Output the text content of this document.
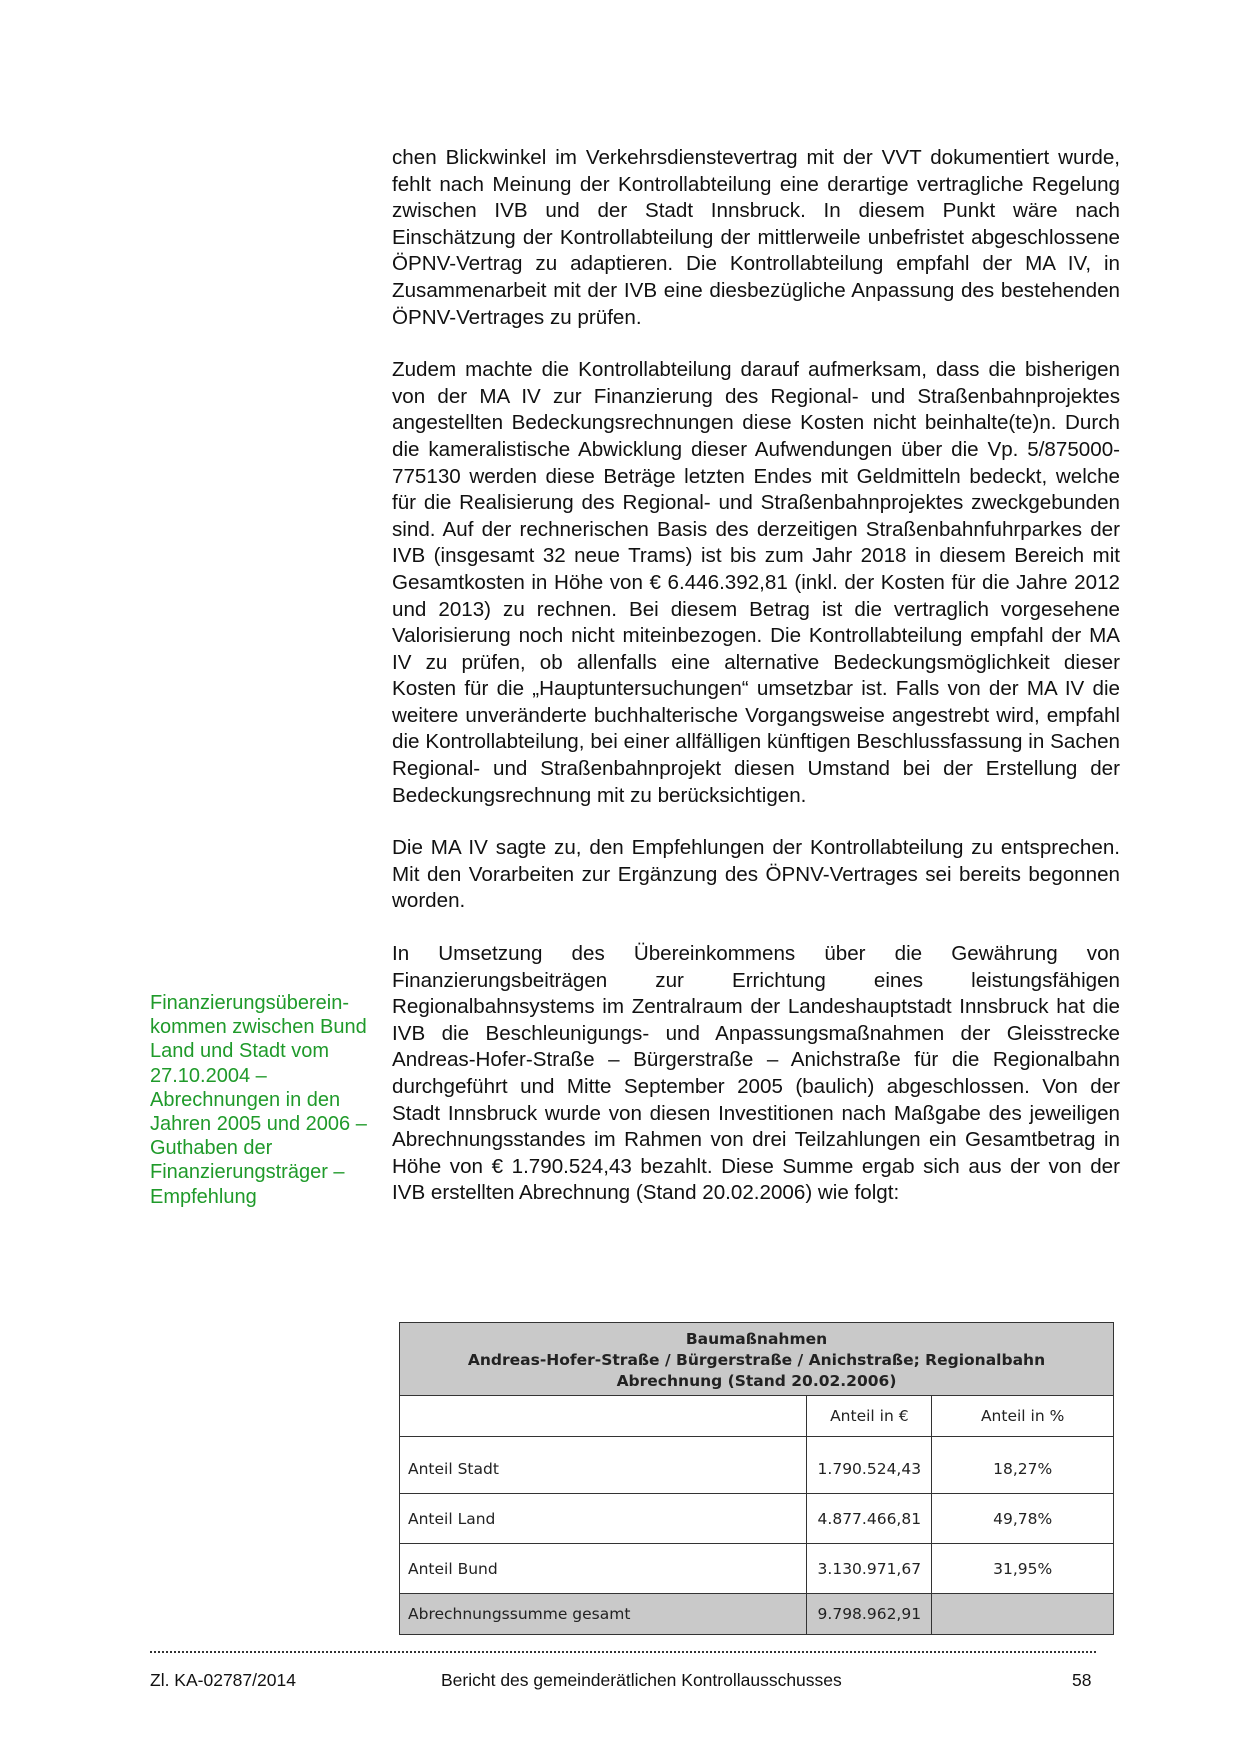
chen Blickwinkel im Verkehrsdienstevertrag mit der VVT dokumentiert wurde, fehlt nach Meinung der Kontrollabteilung eine derartige vertragliche Regelung zwischen IVB und der Stadt Innsbruck. In diesem Punkt wäre nach Einschätzung der Kontrollabteilung der mittlerweile unbefristet abgeschlossene ÖPNV-Vertrag zu adaptieren. Die Kontrollabteilung empfahl der MA IV, in Zusammenarbeit mit der IVB eine diesbezügliche Anpassung des bestehenden ÖPNV-Vertrages zu prüfen.

Zudem machte die Kontrollabteilung darauf aufmerksam, dass die bisherigen von der MA IV zur Finanzierung des Regional- und Straßenbahnprojektes angestellten Bedeckungsrechnungen diese Kosten nicht beinhalte(te)n. Durch die kameralistische Abwicklung dieser Aufwendungen über die Vp. 5/875000-775130 werden diese Beträge letzten Endes mit Geldmitteln bedeckt, welche für die Realisierung des Regional- und Straßenbahnprojektes zweckgebunden sind. Auf der rechnerischen Basis des derzeitigen Straßenbahnfuhrparkes der IVB (insgesamt 32 neue Trams) ist bis zum Jahr 2018 in diesem Bereich mit Gesamtkosten in Höhe von € 6.446.392,81 (inkl. der Kosten für die Jahre 2012 und 2013) zu rechnen. Bei diesem Betrag ist die vertraglich vorgesehene Valorisierung noch nicht miteinbezogen. Die Kontrollabteilung empfahl der MA IV zu prüfen, ob allenfalls eine alternative Bedeckungsmöglichkeit dieser Kosten für die „Hauptuntersuchungen“ umsetzbar ist. Falls von der MA IV die weitere unveränderte buchhalterische Vorgangsweise angestrebt wird, empfahl die Kontrollabteilung, bei einer allfälligen künftigen Beschlussfassung in Sachen Regional- und Straßenbahnprojekt diesen Umstand bei der Erstellung der Bedeckungsrechnung mit zu berücksichtigen.

Die MA IV sagte zu, den Empfehlungen der Kontrollabteilung zu entsprechen. Mit den Vorarbeiten zur Ergänzung des ÖPNV-Vertrages sei bereits begonnen worden.

In Umsetzung des Übereinkommens über die Gewährung von Finanzierungsbeiträgen zur Errichtung eines leistungsfähigen Regionalbahnsystems im Zentralraum der Landeshauptstadt Innsbruck hat die IVB die Beschleunigungs- und Anpassungsmaßnahmen der Gleisstrecke Andreas-Hofer-Straße – Bürgerstraße – Anichstraße für die Regionalbahn durchgeführt und Mitte September 2005 (baulich) abgeschlossen. Von der Stadt Innsbruck wurde von diesen Investitionen nach Maßgabe des jeweiligen Abrechnungsstandes im Rahmen von drei Teilzahlungen ein Gesamtbetrag in Höhe von € 1.790.524,43 bezahlt. Diese Summe ergab sich aus der von der IVB erstellten Abrechnung (Stand 20.02.2006) wie folgt:

Finanzierungsüberein-
kommen zwischen Bund
Land und Stadt vom
27.10.2004 –
Abrechnungen in den
Jahren 2005 und 2006 –
Guthaben der
Finanzierungsträger –
Empfehlung
Baumaßnahmen
Andreas-Hofer-Straße / Bürgerstraße / Anichstraße; Regionalbahn
Abrechnung (Stand 20.02.2006)		

	Anteil in €	Anteil in %
Anteil Stadt	1.790.524,43	18,27%
Anteil Land	4.877.466,81	49,78%
Anteil Bund	3.130.971,67	31,95%
Abrechnungssumme gesamt	9.798.962,91	
Zl. KA-02787/2014	Bericht des gemeinderätlichen Kontrollausschusses	58
